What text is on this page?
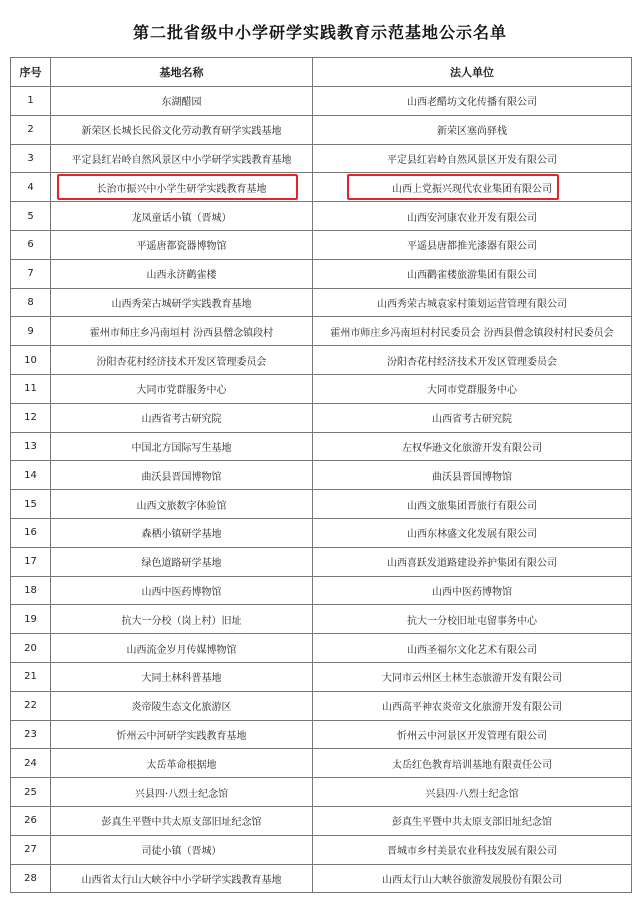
第二批省级中小学研学实践教育示范基地公示名单
序号	基地名称	法人单位
1	东湖醋园	山西老醋坊文化传播有限公司
2	新荣区长城长民俗文化劳动教育研学实践基地	新荣区塞尚驿栈
3	平定县红岩岭自然风景区中小学研学实践教育基地	平定县红岩岭自然风景区开发有限公司
4	长治市振兴中小学生研学实践教育基地	山西上党振兴现代农业集团有限公司

5	龙凤童话小镇（晋城）	山西安河康农业开发有限公司
6	平遥唐都瓷器博物馆	平遥县唐都推光漆器有限公司
7	山西永济鹳雀楼	山西鹳雀楼旅游集团有限公司
8	山西秀荣古城研学实践教育基地	山西秀荣古城袁家村策划运营管理有限公司
9	霍州市师庄乡冯南垣村 汾西县僧念镇段村	霍州市师庄乡冯南垣村村民委员会 汾西县僧念镇段村村民委员会
10	汾阳杏花村经济技术开发区管理委员会	汾阳杏花村经济技术开发区管理委员会
11	大同市党群服务中心	大同市党群服务中心
12	山西省考古研究院	山西省考古研究院
13	中国北方国际写生基地	左权华逊文化旅游开发有限公司
14	曲沃县晋国博物馆	曲沃县晋国博物馆
15	山西文旅数字体验馆	山西文旅集团晋旅行有限公司
16	森栖小镇研学基地	山西东林盛文化发展有限公司
17	绿色道路研学基地	山西喜跃发道路建设养护集团有限公司
18	山西中医药博物馆	山西中医药博物馆
19	抗大一分校（岗上村）旧址	抗大一分校旧址屯留事务中心
20	山西流金岁月传媒博物馆	山西圣福尔文化艺术有限公司
21	大同土林科普基地	大同市云州区土林生态旅游开发有限公司
22	炎帝陵生态文化旅游区	山西高平神农炎帝文化旅游开发有限公司
23	忻州云中河研学实践教育基地	忻州云中河景区开发管理有限公司
24	太岳革命根据地	太岳红色教育培训基地有限责任公司
25	兴县四·八烈士纪念馆	兴县四·八烈士纪念馆
26	彭真生平暨中共太原支部旧址纪念馆	彭真生平暨中共太原支部旧址纪念馆
27	司徒小镇（晋城）	晋城市乡村美景农业科技发展有限公司
28	山西省太行山大峡谷中小学研学实践教育基地	山西太行山大峡谷旅游发展股份有限公司
